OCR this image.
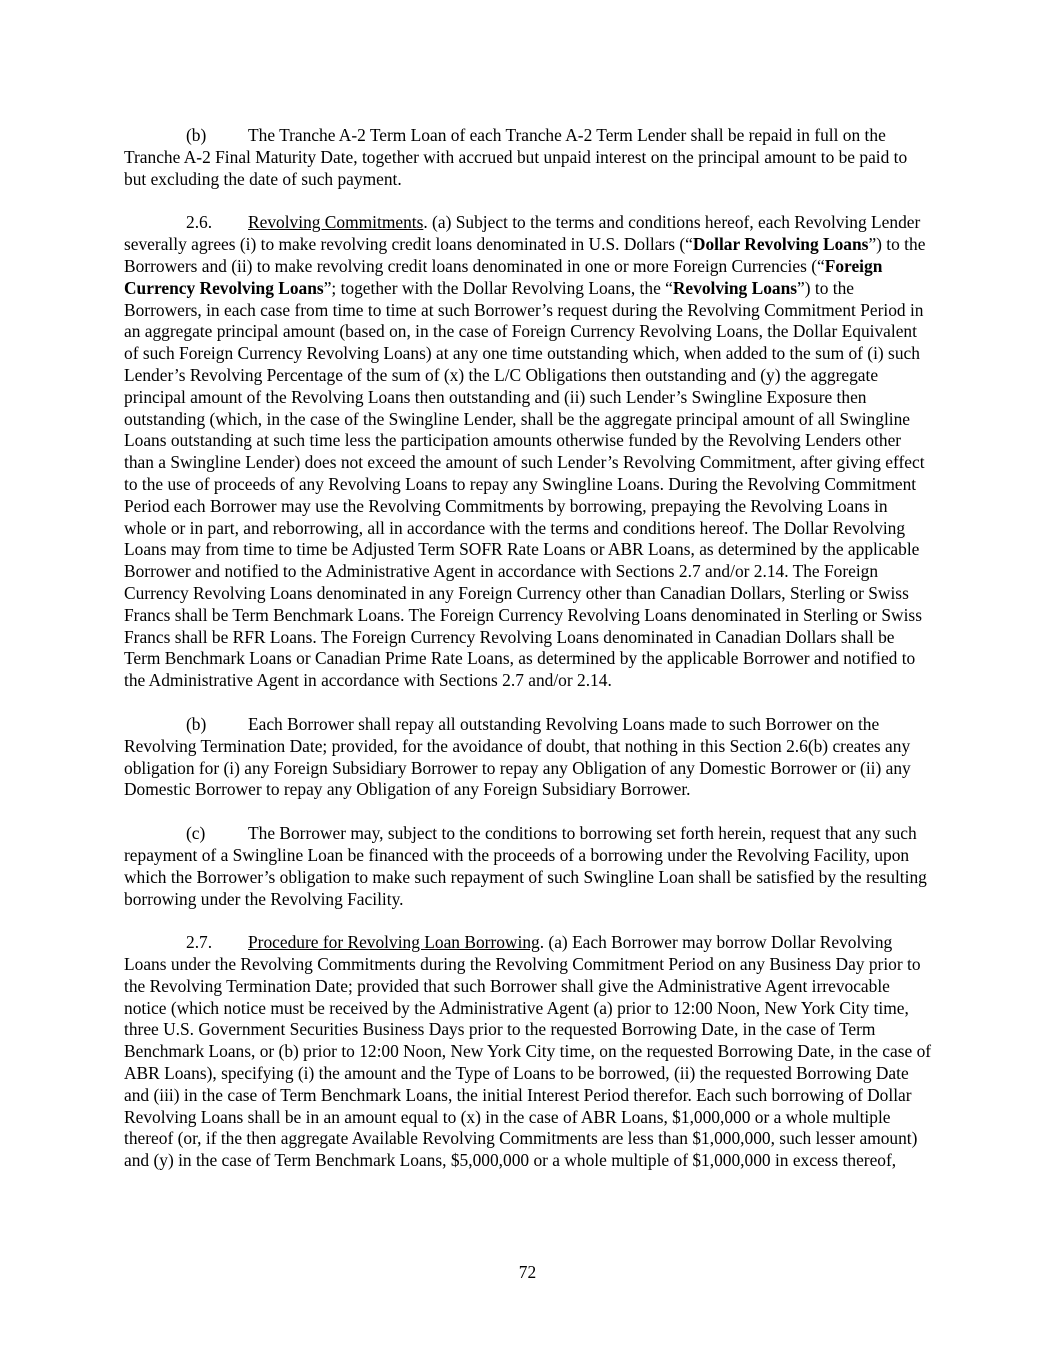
(b) The Tranche A-2 Term Loan of each Tranche A-2 Term Lender shall be repaid in full on the Tranche A-2 Final Maturity Date, together with accrued but unpaid interest on the principal amount to be paid to but excluding the date of such payment.

2.6. Revolving Commitments. (a) Subject to the terms and conditions hereof, each Revolving Lender severally agrees (i) to make revolving credit loans denominated in U.S. Dollars (“Dollar Revolving Loans”) to the Borrowers and (ii) to make revolving credit loans denominated in one or more Foreign Currencies (“Foreign Currency Revolving Loans”; together with the Dollar Revolving Loans, the “Revolving Loans”) to the Borrowers, in each case from time to time at such Borrower’s request during the Revolving Commitment Period in an aggregate principal amount (based on, in the case of Foreign Currency Revolving Loans, the Dollar Equivalent of such Foreign Currency Revolving Loans) at any one time outstanding which, when added to the sum of (i) such Lender’s Revolving Percentage of the sum of (x) the L/C Obligations then outstanding and (y) the aggregate principal amount of the Revolving Loans then outstanding and (ii) such Lender’s Swingline Exposure then outstanding (which, in the case of the Swingline Lender, shall be the aggregate principal amount of all Swingline Loans outstanding at such time less the participation amounts otherwise funded by the Revolving Lenders other than a Swingline Lender) does not exceed the amount of such Lender’s Revolving Commitment, after giving effect to the use of proceeds of any Revolving Loans to repay any Swingline Loans. During the Revolving Commitment Period each Borrower may use the Revolving Commitments by borrowing, prepaying the Revolving Loans in whole or in part, and reborrowing, all in accordance with the terms and conditions hereof. The Dollar Revolving Loans may from time to time be Adjusted Term SOFR Rate Loans or ABR Loans, as determined by the applicable Borrower and notified to the Administrative Agent in accordance with Sections 2.7 and/or 2.14. The Foreign Currency Revolving Loans denominated in any Foreign Currency other than Canadian Dollars, Sterling or Swiss Francs shall be Term Benchmark Loans. The Foreign Currency Revolving Loans denominated in Sterling or Swiss Francs shall be RFR Loans. The Foreign Currency Revolving Loans denominated in Canadian Dollars shall be Term Benchmark Loans or Canadian Prime Rate Loans, as determined by the applicable Borrower and notified to the Administrative Agent in accordance with Sections 2.7 and/or 2.14.

(b) Each Borrower shall repay all outstanding Revolving Loans made to such Borrower on the Revolving Termination Date; provided, for the avoidance of doubt, that nothing in this Section 2.6(b) creates any obligation for (i) any Foreign Subsidiary Borrower to repay any Obligation of any Domestic Borrower or (ii) any Domestic Borrower to repay any Obligation of any Foreign Subsidiary Borrower.

(c) The Borrower may, subject to the conditions to borrowing set forth herein, request that any such repayment of a Swingline Loan be financed with the proceeds of a borrowing under the Revolving Facility, upon which the Borrower’s obligation to make such repayment of such Swingline Loan shall be satisfied by the resulting borrowing under the Revolving Facility.

2.7. Procedure for Revolving Loan Borrowing. (a) Each Borrower may borrow Dollar Revolving Loans under the Revolving Commitments during the Revolving Commitment Period on any Business Day prior to the Revolving Termination Date; provided that such Borrower shall give the Administrative Agent irrevocable notice (which notice must be received by the Administrative Agent (a) prior to 12:00 Noon, New York City time, three U.S. Government Securities Business Days prior to the requested Borrowing Date, in the case of Term Benchmark Loans, or (b) prior to 12:00 Noon, New York City time, on the requested Borrowing Date, in the case of ABR Loans), specifying (i) the amount and the Type of Loans to be borrowed, (ii) the requested Borrowing Date and (iii) in the case of Term Benchmark Loans, the initial Interest Period therefor. Each such borrowing of Dollar Revolving Loans shall be in an amount equal to (x) in the case of ABR Loans, $1,000,000 or a whole multiple thereof (or, if the then aggregate Available Revolving Commitments are less than $1,000,000, such lesser amount) and (y) in the case of Term Benchmark Loans, $5,000,000 or a whole multiple of $1,000,000 in excess thereof,

72
